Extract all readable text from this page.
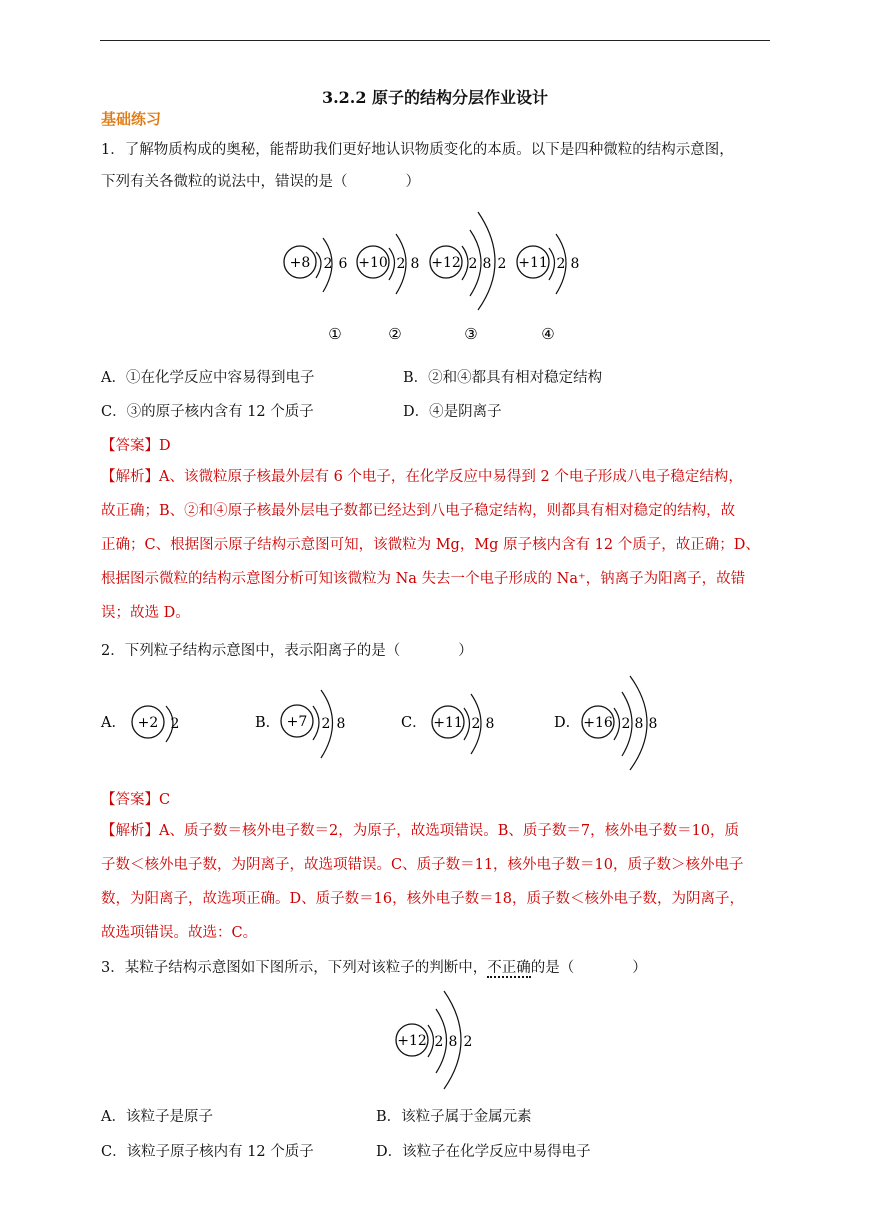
3.2.2 原子的结构分层作业设计
基础练习
1．了解物质构成的奥秘，能帮助我们更好地认识物质变化的本质。以下是四种微粒的结构示意图，
下列有关各微粒的说法中，错误的是（　　　　）
+8 2 6
①
+10 2 8
②
+12 2 8 2
③
+11 2 8
④
A．①在化学反应中容易得到电子	B．②和④都具有相对稳定结构
C．③的原子核内含有 12 个质子	D．④是阴离子
【答案】D
【解析】A、该微粒原子核最外层有 6 个电子，在化学反应中易得到 2 个电子形成八电子稳定结构，
故正确；B、②和④原子核最外层电子数都已经达到八电子稳定结构，则都具有相对稳定的结构，故
正确；C、根据图示原子结构示意图可知，该微粒为 Mg，Mg 原子核内含有 12 个质子，故正确；D、
根据图示微粒的结构示意图分析可知该微粒为 Na 失去一个电子形成的 Na⁺，钠离子为阳离子，故错
误；故选 D。
2．下列粒子结构示意图中，表示阳离子的是（　　　　）
A． +2 2	B． +7 2 8	C． +11 2 8	D． +16 2 8 8
【答案】C
【解析】A、质子数＝核外电子数＝2，为原子，故选项错误。B、质子数＝7，核外电子数＝10，质
子数＜核外电子数，为阴离子，故选项错误。C、质子数＝11，核外电子数＝10，质子数＞核外电子
数，为阳离子，故选项正确。D、质子数＝16，核外电子数＝18，质子数＜核外电子数，为阴离子，
故选项错误。故选：C。
3．某粒子结构示意图如下图所示，下列对该粒子的判断中，不正确的是（　　　　）
+12 2 8 2
A．该粒子是原子	B．该粒子属于金属元素
C．该粒子原子核内有 12 个质子	D．该粒子在化学反应中易得电子
